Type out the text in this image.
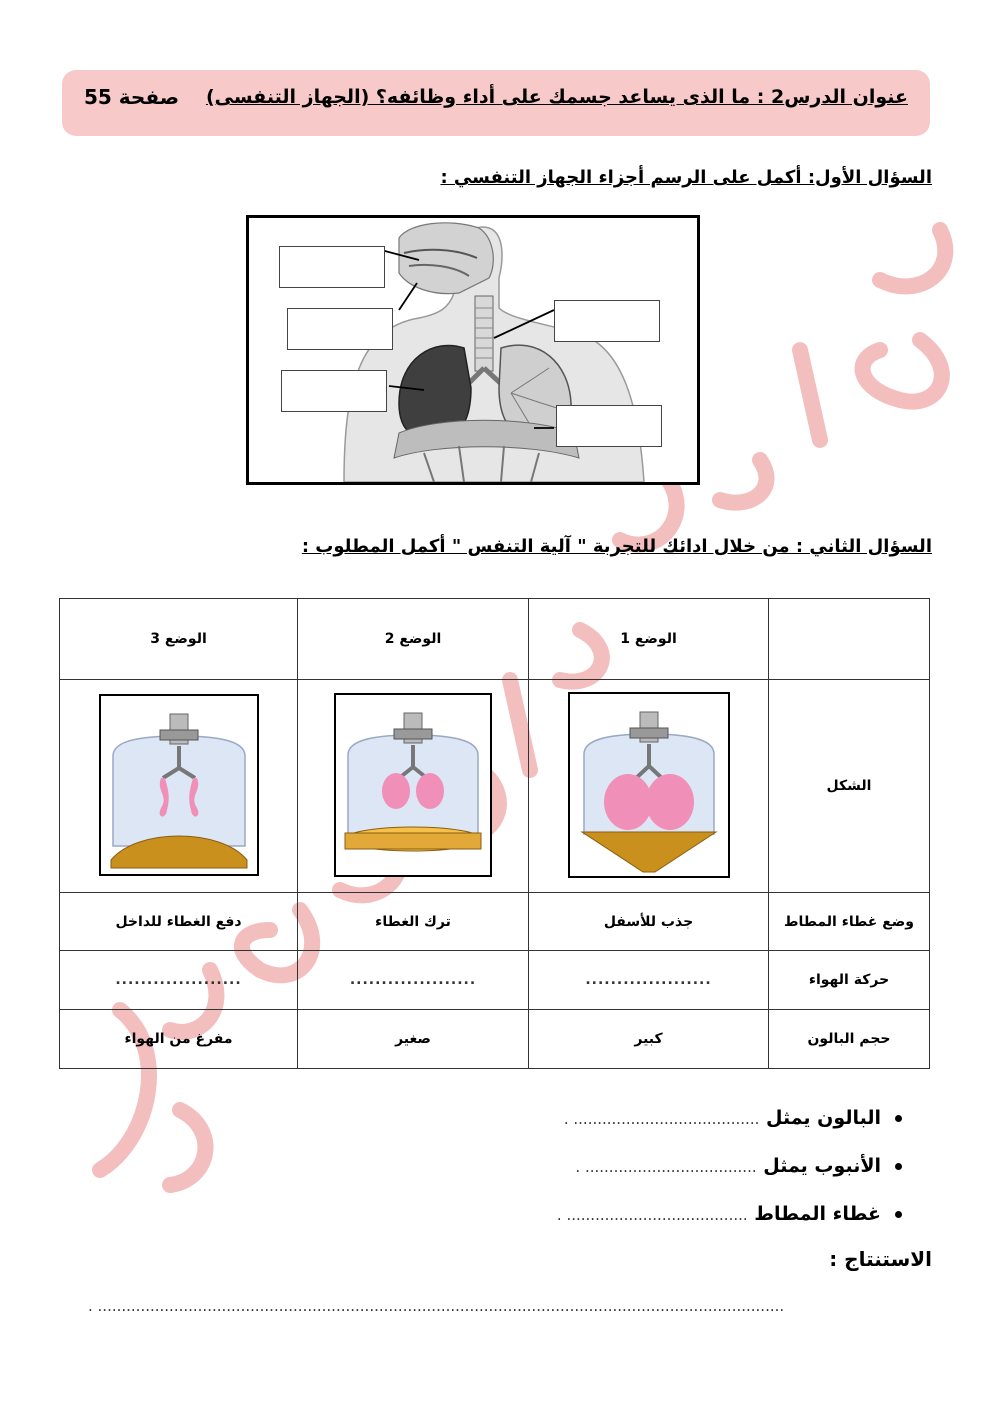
عنوان الدرس2 : ما الذى يساعد جسمك على أداء وظائفه؟ (الجهاز التنفسى)
صفحة 55
السؤال الأول: أكمل على الرسم أجزاء الجهاز التنفسي :
السؤال الثاني : من خلال ادائك للتجربة " آلية التنفس " أكمل المطلوب :
	الوضع 1	الوضع 2	الوضع 3
الشكل			
وضع غطاء المطاط	جذب للأسفل	ترك الغطاء	دفع الغطاء للداخل
حركة الهواء	....................	....................	....................
حجم البالون	كبير	صغير	مفرغ من الهواء
البالون يمثل ....................................... .
الأنبوب يمثل .................................... .
غطاء المطاط ...................................... .
الاستنتاج :
. ................................................................................................................................................
